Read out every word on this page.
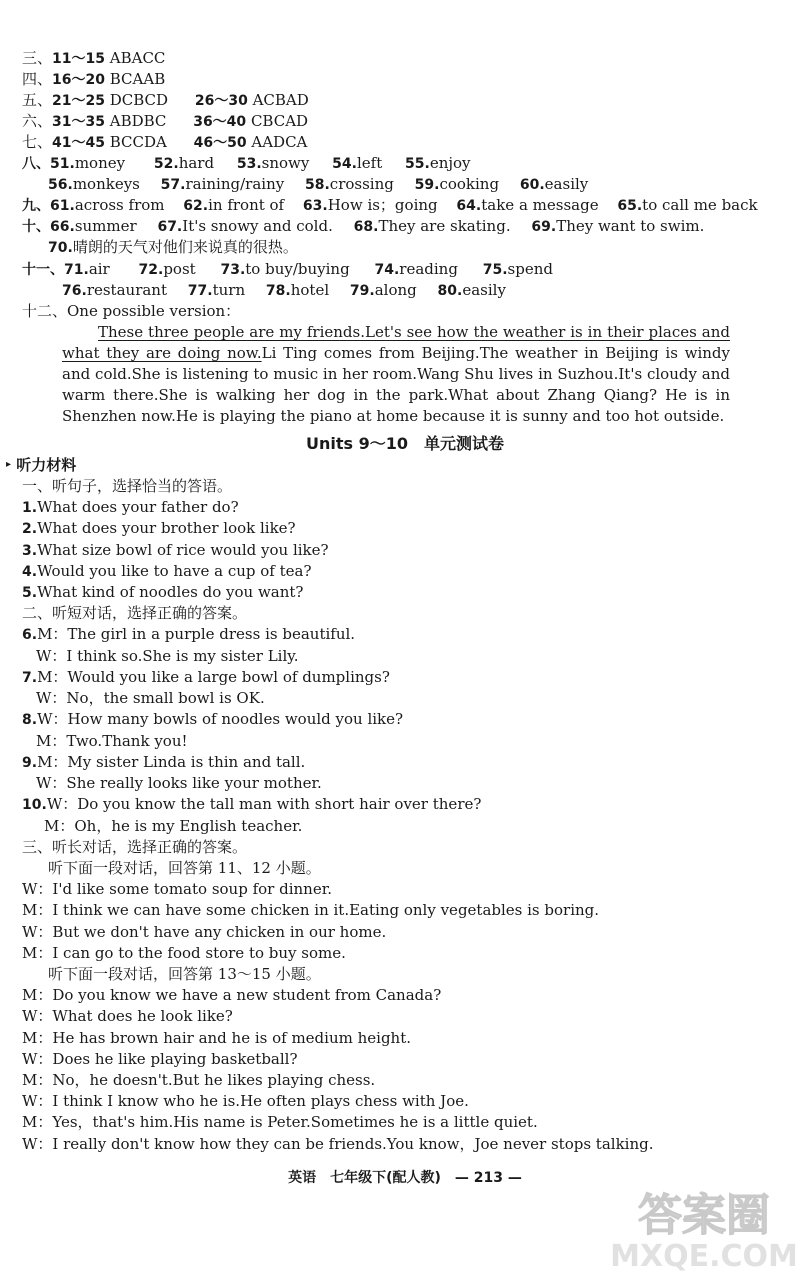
三、11～15 ABACC
四、16～20 BCAAB
五、21～25 DCBCD 26～30 ACBAD
六、31～35 ABDBC 36～40 CBCAD
七、41～45 BCCDA 46～50 AADCA
八、51.money 52.hard 53.snowy 54.left 55.enjoy
56.monkeys 57.raining/rainy 58.crossing 59.cooking 60.easily
九、61.across from 62.in front of 63.How is；going 64.take a message 65.to call me back
十、66.summer 67.It's snowy and cold. 68.They are skating. 69.They want to swim.
70.晴朗的天气对他们来说真的很热。
十一、71.air 72.post 73.to buy/buying 74.reading 75.spend
76.restaurant 77.turn 78.hotel 79.along 80.easily
十二、One possible version：
These three people are my friends.Let's see how the weather is in their places and what they are doing now.Li Ting comes from Beijing.The weather in Beijing is windy and cold.She is listening to music in her room.Wang Shu lives in Suzhou.It's cloudy and warm there.She is walking her dog in the park.What about Zhang Qiang? He is in Shenzhen now.He is playing the piano at home because it is sunny and too hot outside.
Units 9～10　单元测试卷
▸ 听力材料
一、听句子，选择恰当的答语。
1.What does your father do?
2.What does your brother look like?
3.What size bowl of rice would you like?
4.Would you like to have a cup of tea?
5.What kind of noodles do you want?
二、听短对话，选择正确的答案。
6.M：The girl in a purple dress is beautiful.
W：I think so.She is my sister Lily.
7.M：Would you like a large bowl of dumplings?
W：No，the small bowl is OK.
8.W：How many bowls of noodles would you like?
M：Two.Thank you!
9.M：My sister Linda is thin and tall.
W：She really looks like your mother.
10.W：Do you know the tall man with short hair over there?
M：Oh，he is my English teacher.
三、听长对话，选择正确的答案。
听下面一段对话，回答第 11、12 小题。
W：I'd like some tomato soup for dinner.
M：I think we can have some chicken in it.Eating only vegetables is boring.
W：But we don't have any chicken in our home.
M：I can go to the food store to buy some.
听下面一段对话，回答第 13～15 小题。
M：Do you know we have a new student from Canada?
W：What does he look like?
M：He has brown hair and he is of medium height.
W：Does he like playing basketball?
M：No，he doesn't.But he likes playing chess.
W：I think I know who he is.He often plays chess with Joe.
M：Yes，that's him.His name is Peter.Sometimes he is a little quiet.
W：I really don't know how they can be friends.You know，Joe never stops talking.
英语　七年级下(配人教)　— 213 —
答案圈
MXQE.COM
